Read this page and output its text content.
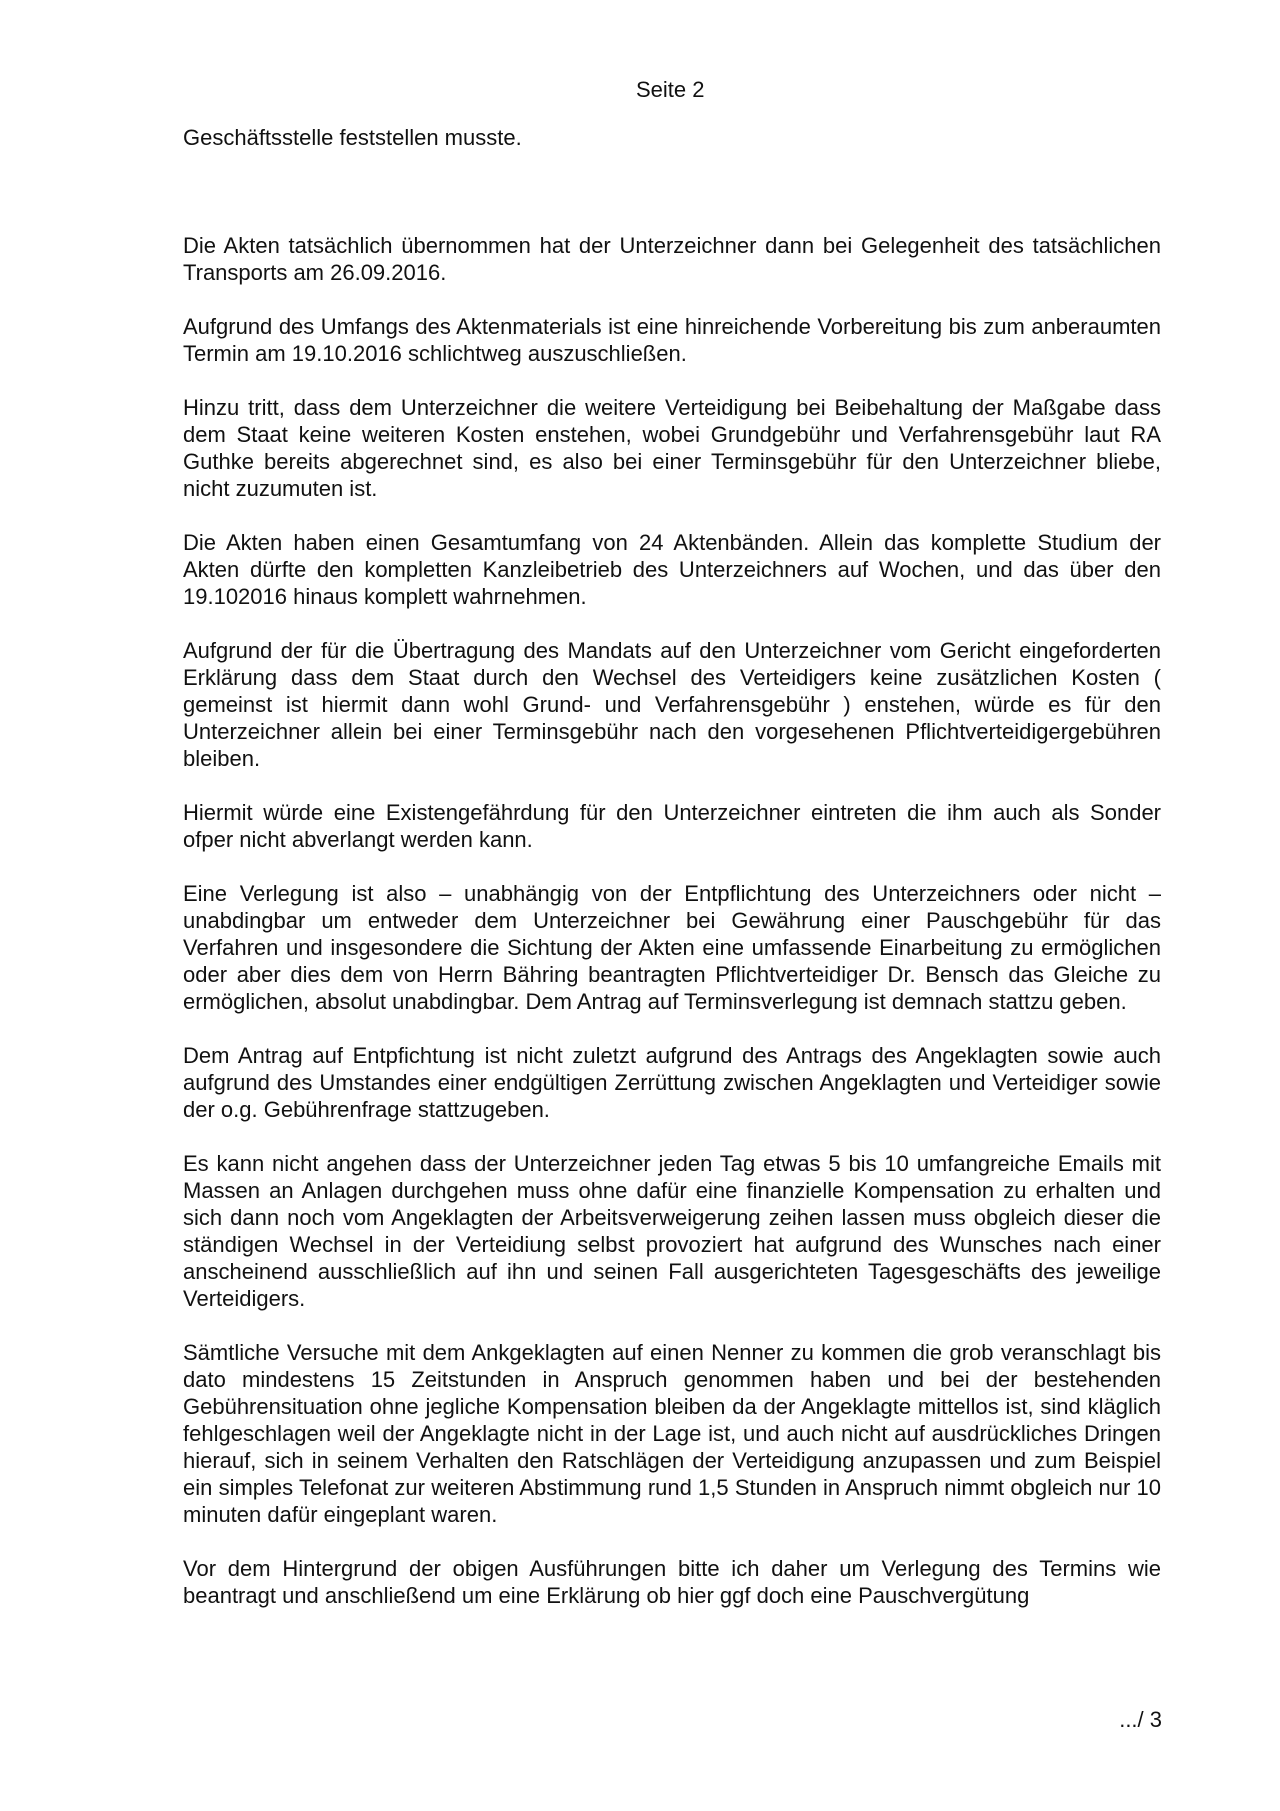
Seite 2
Geschäftsstelle feststellen musste.

Die Akten tatsächlich übernommen hat der Unterzeichner dann bei Gelegenheit des tatsächlichen Transports am 26.09.2016.

Aufgrund des Umfangs des Aktenmaterials ist eine hinreichende Vorbereitung bis zum anberaumten Termin am 19.10.2016 schlichtweg auszuschließen.

Hinzu tritt, dass dem Unterzeichner die weitere Verteidigung bei Beibehaltung der Maßgabe dass dem Staat keine weiteren Kosten enstehen, wobei Grundgebühr und Verfahrensgebühr laut RA Guthke bereits abgerechnet sind, es also bei einer Terminsgebühr für den Unterzeichner bliebe, nicht zuzumuten ist.

Die Akten haben einen Gesamtumfang von 24 Aktenbänden. Allein das komplette Studium der Akten dürfte den kompletten Kanzleibetrieb des Unterzeichners auf Wochen, und das über den 19.102016 hinaus komplett wahrnehmen.

Aufgrund der für die Übertragung des Mandats auf den Unterzeichner vom Gericht eingeforderten Erklärung dass dem Staat durch den Wechsel des Verteidigers keine zusätzlichen Kosten ( gemeinst ist hiermit dann wohl Grund- und Verfahrensgebühr ) enstehen, würde es für den Unterzeichner allein bei einer Terminsgebühr nach den vorgesehenen Pflichtverteidigergebühren bleiben.

Hiermit würde eine Existengefährdung für den Unterzeichner eintreten die ihm auch als Sonder ofper nicht abverlangt werden kann.

Eine Verlegung ist also – unabhängig von der Entpflichtung des Unterzeichners oder nicht – unabdingbar um entweder dem Unterzeichner bei Gewährung einer Pauschgebühr für das Verfahren und insgesondere die Sichtung der Akten eine umfassende Einarbeitung zu ermöglichen oder aber dies dem von Herrn Bähring beantragten Pflichtverteidiger Dr. Bensch das Gleiche zu ermöglichen, absolut unabdingbar. Dem Antrag auf Terminsverlegung ist demnach stattzu geben.

Dem Antrag auf Entpfichtung ist nicht zuletzt aufgrund des Antrags des Angeklagten sowie auch aufgrund des Umstandes einer endgültigen Zerrüttung zwischen Angeklagten und Verteidiger sowie der o.g. Gebührenfrage stattzugeben.

Es kann nicht angehen dass der Unterzeichner jeden Tag etwas 5 bis 10 umfangreiche Emails mit Massen an Anlagen durchgehen muss ohne dafür eine finanzielle Kompensation zu erhalten und sich dann noch vom Angeklagten der Arbeitsverweigerung zeihen lassen muss obgleich dieser die ständigen Wechsel in der Verteidiung selbst provoziert hat aufgrund des Wunsches nach einer anscheinend ausschließlich auf ihn und seinen Fall ausgerichteten Tagesgeschäfts des jeweilige Verteidigers.

Sämtliche Versuche mit dem Ankgeklagten auf einen Nenner zu kommen die grob veranschlagt bis dato mindestens 15 Zeitstunden in Anspruch genommen haben und bei der bestehenden Gebührensituation ohne jegliche Kompensation bleiben da der Angeklagte mittellos ist, sind kläglich fehlgeschlagen weil der Angeklagte nicht in der Lage ist, und auch nicht auf ausdrückliches Dringen hierauf, sich in seinem Verhalten den Ratschlägen der Verteidigung anzupassen und zum Beispiel ein simples Telefonat zur weiteren Abstimmung rund 1,5 Stunden in Anspruch nimmt obgleich nur 10 minuten dafür eingeplant waren.

Vor dem Hintergrund der obigen Ausführungen bitte ich daher um Verlegung des Termins wie beantragt und anschließend um eine Erklärung ob hier ggf doch eine Pauschvergütung

.../ 3
